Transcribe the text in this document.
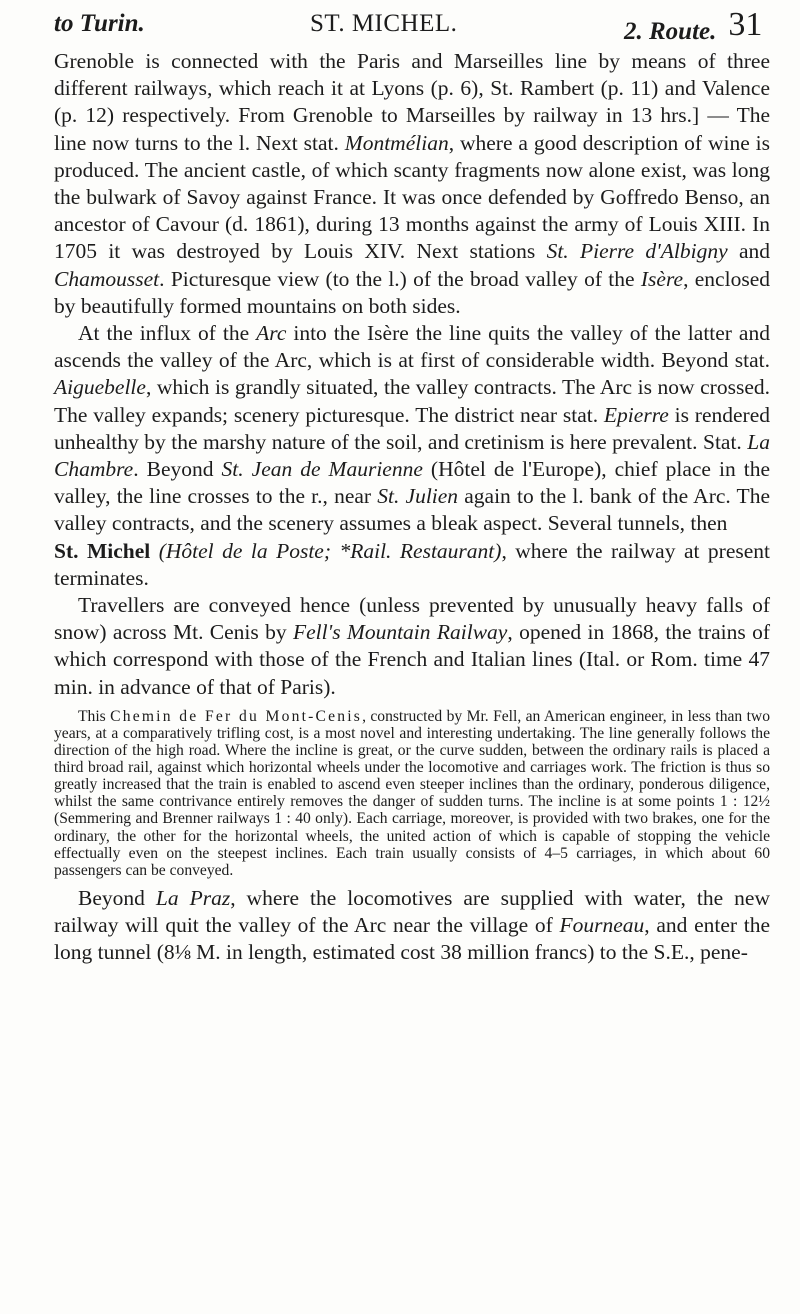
to Turin.	ST. MICHEL.	2. Route. 31

Grenoble is connected with the Paris and Marseilles line by means of three different railways, which reach it at Lyons (p. 6), St. Rambert (p. 11) and Valence (p. 12) respectively. From Grenoble to Marseilles by railway in 13 hrs.] — The line now turns to the l. Next stat. Montmélian, where a good description of wine is produced. The ancient castle, of which scanty fragments now alone exist, was long the bulwark of Savoy against France. It was once defended by Goffredo Benso, an ancestor of Cavour (d. 1861), during 13 months against the army of Louis XIII. In 1705 it was destroyed by Louis XIV. Next stations St. Pierre d'Albigny and Chamousset. Picturesque view (to the l.) of the broad valley of the Isère, enclosed by beautifully formed mountains on both sides.

At the influx of the Arc into the Isère the line quits the valley of the latter and ascends the valley of the Arc, which is at first of considerable width. Beyond stat. Aiguebelle, which is grandly situated, the valley contracts. The Arc is now crossed. The valley expands; scenery picturesque. The district near stat. Epierre is rendered unhealthy by the marshy nature of the soil, and cretinism is here prevalent. Stat. La Chambre. Beyond St. Jean de Maurienne (Hôtel de l'Europe), chief place in the valley, the line crosses to the r., near St. Julien again to the l. bank of the Arc. The valley contracts, and the scenery assumes a bleak aspect. Several tunnels, then

St. Michel (Hôtel de la Poste; *Rail. Restaurant), where the railway at present terminates.

Travellers are conveyed hence (unless prevented by unusually heavy falls of snow) across Mt. Cenis by Fell's Mountain Railway, opened in 1868, the trains of which correspond with those of the French and Italian lines (Ital. or Rom. time 47 min. in advance of that of Paris).

This Chemin de Fer du Mont-Cenis, constructed by Mr. Fell, an American engineer, in less than two years, at a comparatively trifling cost, is a most novel and interesting undertaking. The line generally follows the direction of the high road. Where the incline is great, or the curve sudden, between the ordinary rails is placed a third broad rail, against which horizontal wheels under the locomotive and carriages work. The friction is thus so greatly increased that the train is enabled to ascend even steeper inclines than the ordinary, ponderous diligence, whilst the same contrivance entirely removes the danger of sudden turns. The incline is at some points 1 : 12½ (Semmering and Brenner railways 1 : 40 only). Each carriage, moreover, is provided with two brakes, one for the ordinary, the other for the horizontal wheels, the united action of which is capable of stopping the vehicle effectually even on the steepest inclines. Each train usually consists of 4–5 carriages, in which about 60 passengers can be conveyed.

Beyond La Praz, where the locomotives are supplied with water, the new railway will quit the valley of the Arc near the village of Fourneau, and enter the long tunnel (8⅛ M. in length, estimated cost 38 million francs) to the S.E., pene-
